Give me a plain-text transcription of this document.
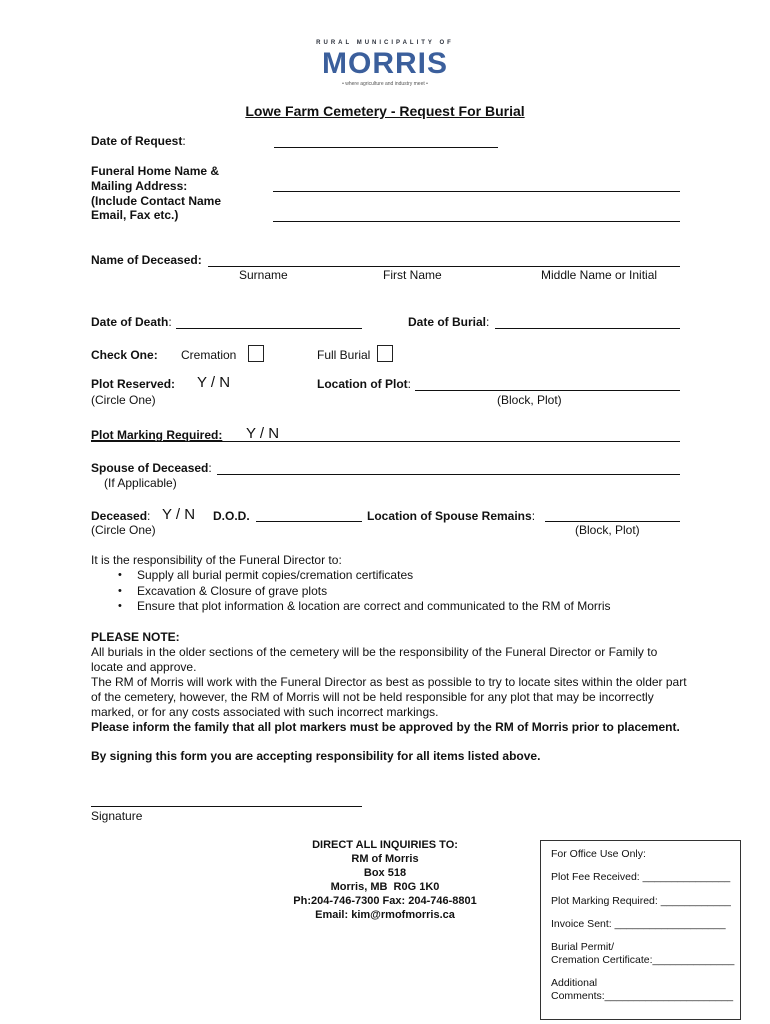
RURAL MUNICIPALITY OF
MORRIS
• where agriculture and industry meet •
Lowe Farm Cemetery - Request For Burial
Date of Request:
Funeral Home Name &
Mailing Address:
(Include Contact Name
Email, Fax etc.)
Name of Deceased:
Surname	First Name	Middle Name or Initial
Date of Death:	Date of Burial:
Check One: Cremation	Full Burial
Plot Reserved: Y / N
(Circle One)
Location of Plot:
(Block, Plot)
Plot Marking Required: Y / N
Spouse of Deceased:
(If Applicable)
Deceased: Y / N D.O.D.	Location of Spouse Remains:
(Circle One)	(Block, Plot)
It is the responsibility of the Funeral Director to:
• Supply all burial permit copies/cremation certificates
• Excavation & Closure of grave plots
• Ensure that plot information & location are correct and communicated to the RM of Morris
PLEASE NOTE:
All burials in the older sections of the cemetery will be the responsibility of the Funeral Director or Family to locate and approve.
The RM of Morris will work with the Funeral Director as best as possible to try to locate sites within the older part of the cemetery, however, the RM of Morris will not be held responsible for any plot that may be incorrectly marked, or for any costs associated with such incorrect markings.
Please inform the family that all plot markers must be approved by the RM of Morris prior to placement.
By signing this form you are accepting responsibility for all items listed above.
Signature
DIRECT ALL INQUIRIES TO:
RM of Morris
Box 518
Morris, MB  R0G 1K0
Ph:204-746-7300 Fax: 204-746-8801
Email: kim@rmofmorris.ca
For Office Use Only:
Plot Fee Received: _______________
Plot Marking Required: ____________
Invoice Sent: ___________________
Burial Permit/
Cremation Certificate:______________
Additional
Comments:______________________
